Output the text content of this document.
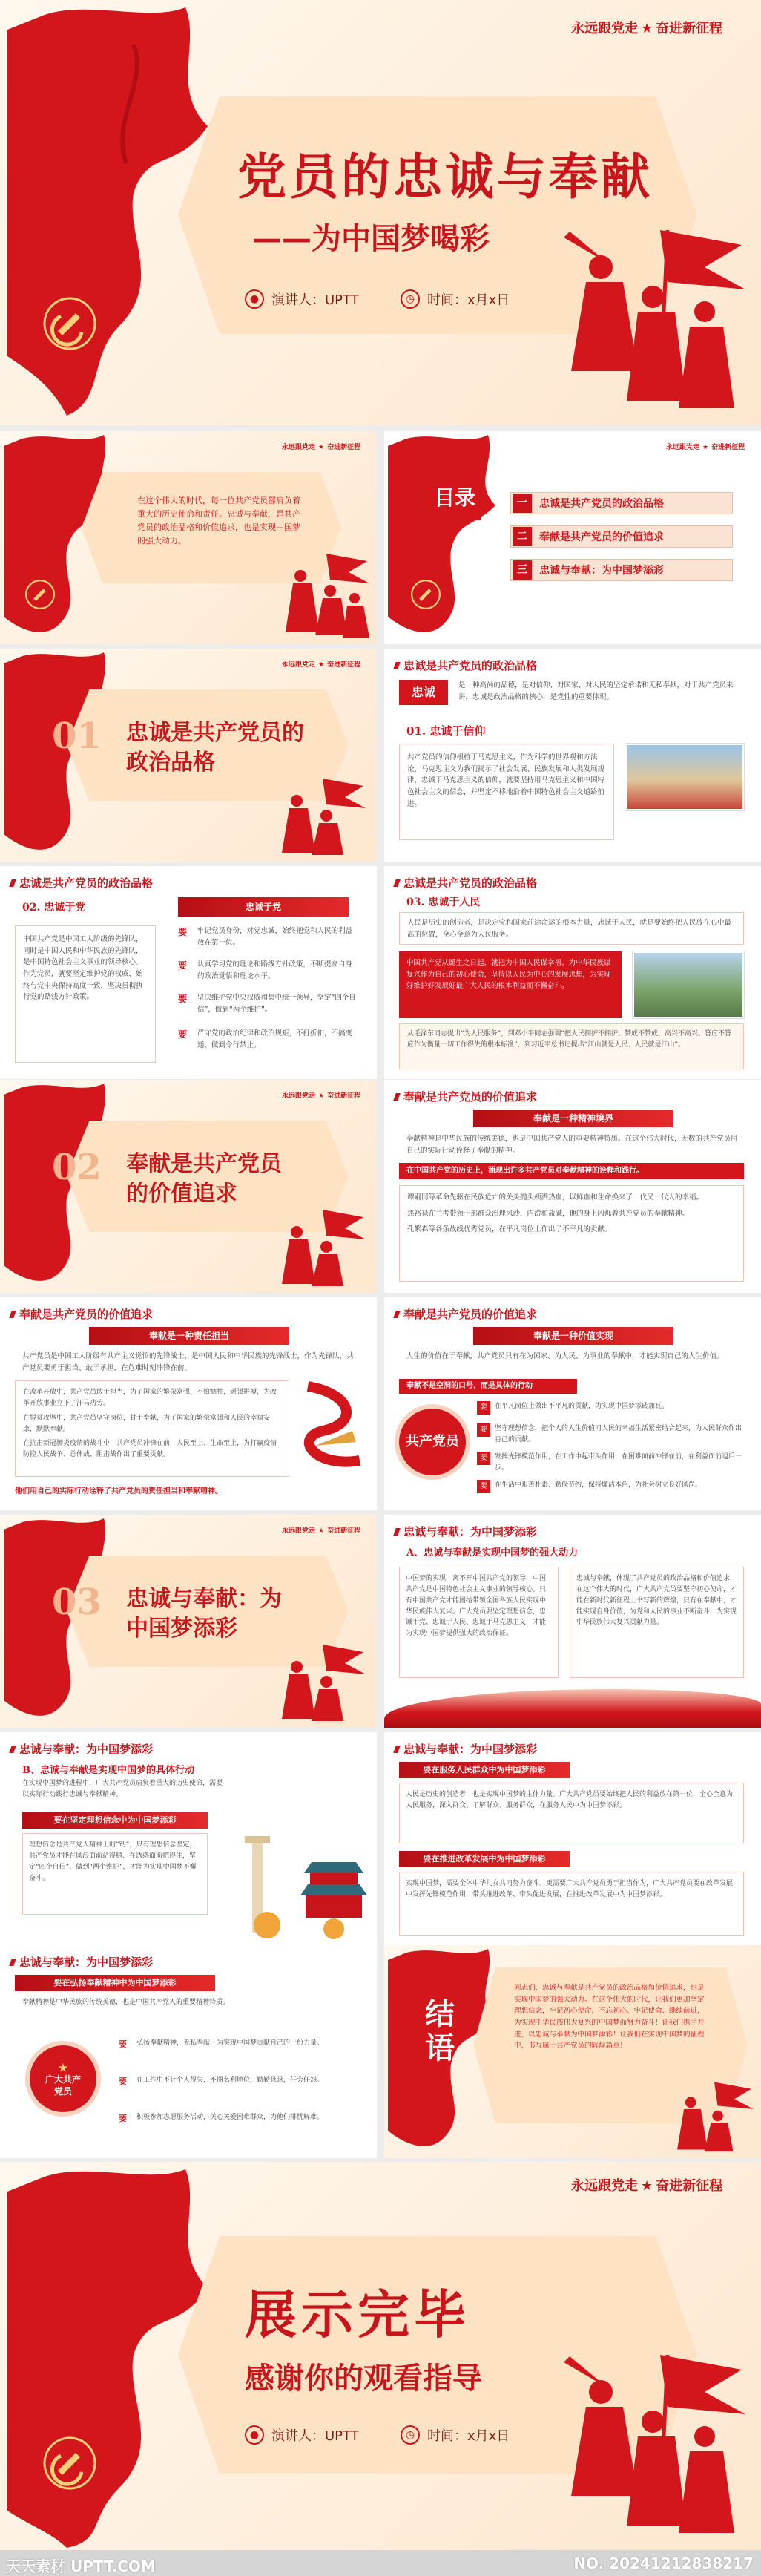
永远跟党走 ★ 奋进新征程
党员的忠诚与奉献
——为中国梦喝彩
● 演讲人：UPTT	◷ 时间：x月x日
永远跟党走 ★ 奋进新征程
在这个伟大的时代，每一位共产党员都肩负着重大的历史使命和责任。忠诚与奉献，是共产党员的政治品格和价值追求，也是实现中国梦的强大动力。
永远跟党走 ★ 奋进新征程
目录	一	忠诚是共产党员的政治品格
二	奉献是共产党员的价值追求
三	忠诚与奉献：为中国梦添彩
永远跟党走 ★ 奋进新征程
01 忠诚是共产党员的
政治品格
忠诚是共产党员的政治品格
忠诚	是一种高尚的品德，是对信仰、对国家、对人民的坚定承诺和无私奉献，对于共产党员来讲，忠诚是政治品格的核心，是党性的重要体现。
01. 忠诚于信仰
共产党员的信仰根植于马克思主义，作为科学的世界观和方法论，马克思主义为我们揭示了社会发展、民族发展和人类发展规律，忠诚于马克思主义的信仰，就要坚持用马克思主义和中国特色社会主义的信念，并坚定不移地沿着中国特色社会主义道路前进。
忠诚是共产党员的政治品格
02. 忠诚于党
中国共产党是中国工人阶级的先锋队，同时是中国人民和中华民族的先锋队，是中国特色社会主义事业的领导核心。作为党员，就要坚定维护党的权威，始终与党中央保持高度一致，坚决贯彻执行党的路线方针政策。
忠诚于党
要	牢记党员身份，对党忠诚，始终把党和人民的利益放在第一位。
要	认真学习党的理论和路线方针政策，不断提高自身的政治觉悟和理论水平。
要	坚决维护党中央权威和集中统一领导，坚定“四个自信”，做到“两个维护”。
要	严守党的政治纪律和政治规矩，不打折扣，不搞变通，做到令行禁止。
忠诚是共产党员的政治品格
03. 忠诚于人民
人民是历史的创造者，是决定党和国家前途命运的根本力量，忠诚于人民，就是要始终把人民放在心中最高的位置，全心全意为人民服务。
中国共产党从诞生之日起，就把为中国人民谋幸福、为中华民族谋复兴作为自己的初心使命，坚持以人民为中心的发展思想，为实现好维护好发展好最广大人民的根本利益而不懈奋斗。
从毛泽东同志提出“为人民服务”，到邓小平同志强调“把人民拥护不拥护、赞成不赞成、高兴不高兴、答应不答应作为衡量一切工作得失的根本标准”，到习近平总书记提出“江山就是人民、人民就是江山”。
永远跟党走 ★ 奋进新征程
02 奉献是共产党员
的价值追求
奉献是共产党员的价值追求
奉献是一种精神境界
奉献精神是中华民族的传统美德，也是中国共产党人的重要精神特质。在这个伟大时代，无数的共产党员用自己的实际行动诠释了奉献的精神。
在中国共产党的历史上，涌现出许多共产党员对奉献精神的诠释和践行。
谭嗣同等革命先驱在民族危亡的关头抛头颅洒热血，以鲜血和生命换来了一代又一代人的幸福。
焦裕禄在兰考带领干部群众治理风沙、内涝和盐碱，他的身上闪烁着共产党员的奉献精神。
孔繁森等各条战线优秀党员，在平凡岗位上作出了不平凡的贡献。
奉献是共产党员的价值追求
奉献是一种责任担当
共产党员是中国工人阶级有共产主义觉悟的先锋战士，是中国人民和中华民族的先锋战士，作为先锋队，共产党员要勇于担当、敢于承担，在危难时刻冲锋在前。
在改革开放中，共产党员敢于担当，为了国家的繁荣富强，不怕牺牲，顽强拼搏，为改革开放事业立下了汗马功劳。
在脱贫攻坚中，共产党员坚守岗位，甘于奉献，为了国家的繁荣富强和人民的幸福安康，默默奉献。
在抗击新冠肺炎疫情的战斗中，共产党员冲锋在前，人民至上、生命至上，为打赢疫情防控人民战争、总体战、阻击战作出了重要贡献。
他们用自己的实际行动诠释了共产党员的责任担当和奉献精神。
奉献是共产党员的价值追求
奉献是一种价值实现
人生的价值在于奉献，共产党员只有在为国家、为人民、为事业的奉献中，才能实现自己的人生价值。
奉献不是空洞的口号，而是具体的行动
共产党员
要	在平凡岗位上做出不平凡的贡献，为实现中国梦添砖加瓦。
要	坚守理想信念，把个人的人生价值同人民的幸福生活紧密结合起来，为人民群众作出自己的贡献。
要	发挥先锋模范作用，在工作中起带头作用，在困难面前冲锋在前，在利益面前退后一步。
要	在生活中艰苦朴素、勤俭节约，保持廉洁本色，为社会树立良好风尚。
永远跟党走 ★ 奋进新征程
03 忠诚与奉献：为
中国梦添彩
忠诚与奉献：为中国梦添彩
A、忠诚与奉献是实现中国梦的强大动力
中国梦的实现，离不开中国共产党的领导，中国共产党是中国特色社会主义事业的领导核心。只有中国共产党才能团结带领全国各族人民实现中华民族伟大复兴。广大党员要坚定理想信念，忠诚于党、忠诚于人民、忠诚于马克思主义，才能为实现中国梦提供强大的政治保证。
忠诚与奉献，体现了共产党员的政治品格和价值追求，在这个伟大的时代，广大共产党员要坚守初心使命，才能在新时代新征程上书写新的辉煌，只有在奉献中，才能实现自身价值，为党和人民的事业不断奋斗，为实现中华民族伟大复兴贡献力量。
忠诚与奉献：为中国梦添彩
B、忠诚与奉献是实现中国梦的具体行动
在实现中国梦的进程中，广大共产党员肩负着重大的历史使命，需要以实际行动践行忠诚与奉献精神。
要在坚定理想信念中为中国梦添彩
理想信念是共产党人精神上的“钙”，只有理想信念坚定，共产党员才能在风浪面前站得稳、在诱惑面前把得住，坚定“四个自信”，做到“两个维护”，才能为实现中国梦不懈奋斗。
忠诚与奉献：为中国梦添彩
要在服务人民群众中为中国梦添彩
人民是历史的创造者，也是实现中国梦的主体力量。广大共产党员要始终把人民的利益放在第一位，全心全意为人民服务，深入群众、了解群众、服务群众，在服务人民中为中国梦添彩。
要在推进改革发展中为中国梦添彩
实现中国梦，需要全体中华儿女共同努力奋斗。更需要广大共产党员勇于担当作为，广大共产党员要在改革发展中发挥先锋模范作用，带头推进改革、带头促进发展，在推进改革发展中为中国梦添彩。
忠诚与奉献：为中国梦添彩
要在弘扬奉献精神中为中国梦添彩
奉献精神是中华民族的传统美德，也是中国共产党人的重要精神特质。
★
广大共产
党员
要	弘扬奉献精神，无私奉献，为实现中国梦贡献自己的一份力量。
要	在工作中不计个人得失，不图名利地位，勤勤恳恳，任劳任怨。
要	积极参加志愿服务活动，关心关爱困难群众，为他们排忧解难。
结语
同志们，忠诚与奉献是共产党员的政治品格和价值追求，也是实现中国梦的强大动力。在这个伟大的时代，让我们更加坚定理想信念，牢记初心使命，不忘初心、牢记使命、继续前进，为实现中华民族伟大复兴的中国梦而努力奋斗！让我们携手并进，以忠诚与奉献为中国梦添彩！让我们在实现中国梦的征程中，书写属于共产党员的辉煌篇章！
永远跟党走 ★ 奋进新征程
展示完毕
感谢你的观看指导
● 演讲人：UPTT	◷ 时间：x月x日
天天素材 UPTT.COM	NO. 20241212838217
